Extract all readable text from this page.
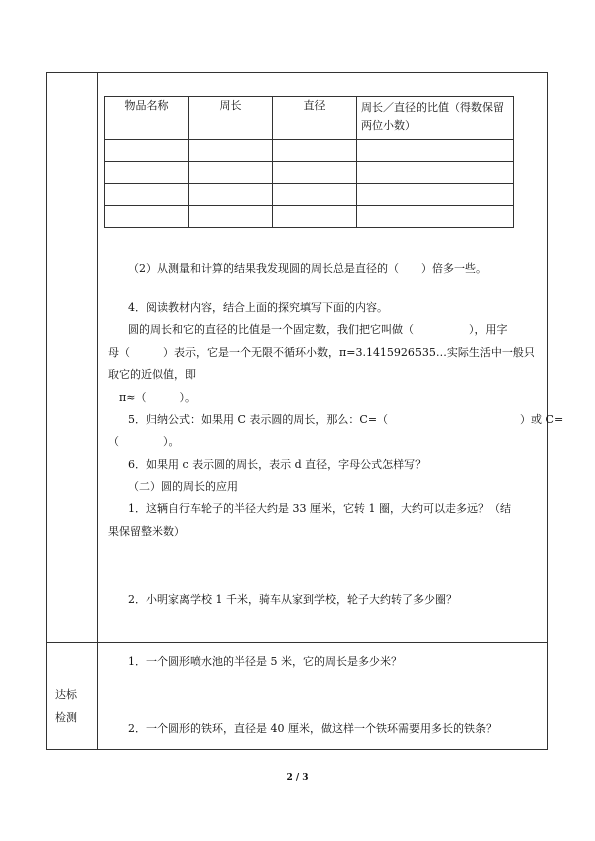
物品名称	周长	直径	周长／直径的比值（得数保留两位小数）

（2）从测量和计算的结果我发现圆的周长总是直径的（　　）倍多一些。
4．阅读教材内容，结合上面的探究填写下面的内容。
圆的周长和它的直径的比值是一个固定数，我们把它叫做（　　　　　），用字
母（　　　）表示，它是一个无限不循环小数，π=3.1415926535…实际生活中一般只
取它的近似值，即
π≈（　　　）。
5．归纳公式：如果用 C 表示圆的周长，那么：C=（　　　　　　　　　　　　）或 C=
（　　　　）。
6．如果用 c 表示圆的周长，表示 d 直径，字母公式怎样写？
（二）圆的周长的应用
1．这辆自行车轮子的半径大约是 33 厘米，它转 1 圈，大约可以走多远？（结
果保留整米数）
2．小明家离学校 1 千米，骑车从家到学校，轮子大约转了多少圈？
达标
检测
1．一个圆形喷水池的半径是 5 米，它的周长是多少米？
2．一个圆形的铁环，直径是 40 厘米，做这样一个铁环需要用多长的铁条？
2 / 3
